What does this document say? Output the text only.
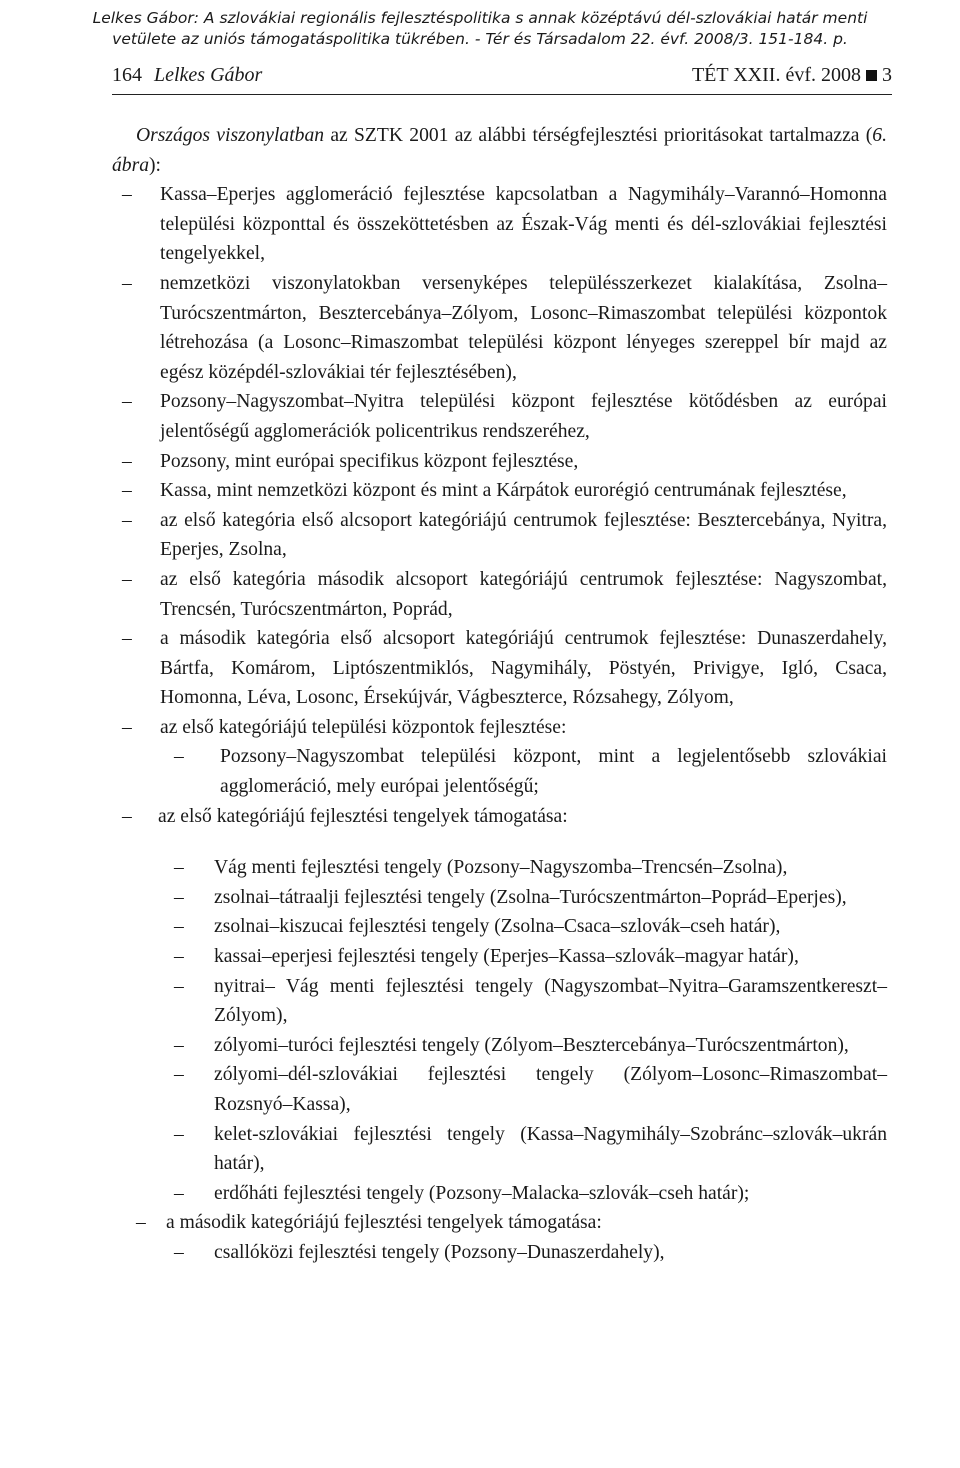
Lelkes Gábor: A szlovákiai regionális fejlesztéspolitika s annak középtávú dél-szlovákiai határ menti
vetülete az uniós támogatáspolitika tükrében. - Tér és Társadalom 22. évf. 2008/3. 151-184. p.
164 Lelkes Gábor	TÉT XXII. évf. 2008 3

Országos viszonylatban az SZTK 2001 az alábbi térségfejlesztési prioritásokat tartalmazza (6. ábra):

– Kassa–Eperjes agglomeráció fejlesztése kapcsolatban a Nagymihály–Varannó–Homonna települési központtal és összeköttetésben az Észak-Vág menti és dél-szlovákiai fejlesztési tengelyekkel,
– nemzetközi viszonylatokban versenyképes településszerkezet kialakítása, Zsolna–Turócszentmárton, Besztercebánya–Zólyom, Losonc–Rimaszombat települési központok létrehozása (a Losonc–Rimaszombat települési központ lényeges szereppel bír majd az egész középdél-szlovákiai tér fejlesztésében),
– Pozsony–Nagyszombat–Nyitra települési központ fejlesztése kötődésben az európai jelentőségű agglomerációk policentrikus rendszeréhez,
– Pozsony, mint európai specifikus központ fejlesztése,
– Kassa, mint nemzetközi központ és mint a Kárpátok eurorégió centrumának fejlesztése,
– az első kategória első alcsoport kategóriájú centrumok fejlesztése: Besztercebánya, Nyitra, Eperjes, Zsolna,
– az első kategória második alcsoport kategóriájú centrumok fejlesztése: Nagyszombat, Trencsén, Turócszentmárton, Poprád,
– a második kategória első alcsoport kategóriájú centrumok fejlesztése: Dunaszerdahely, Bártfa, Komárom, Liptószentmiklós, Nagymihály, Pöstyén, Privigye, Igló, Csaca, Homonna, Léva, Losonc, Érsekújvár, Vágbeszterce, Rózsahegy, Zólyom,
– az első kategóriájú települési központok fejlesztése:
– Pozsony–Nagyszombat települési központ, mint a legjelentősebb szlovákiai agglomeráció, mely európai jelentőségű;
– az első kategóriájú fejlesztési tengelyek támogatása:
– Vág menti fejlesztési tengely (Pozsony–Nagyszomba–Trencsén–Zsolna),
– zsolnai–tátraalji fejlesztési tengely (Zsolna–Turócszentmárton–Poprád–Eperjes),
– zsolnai–kiszucai fejlesztési tengely (Zsolna–Csaca–szlovák–cseh határ),
– kassai–eperjesi fejlesztési tengely (Eperjes–Kassa–szlovák–magyar határ),
– nyitrai– Vág menti fejlesztési tengely (Nagyszombat–Nyitra–Garamszentkereszt–Zólyom),
– zólyomi–turóci fejlesztési tengely (Zólyom–Besztercebánya–Turócszentmárton),
– zólyomi–dél-szlovákiai fejlesztési tengely (Zólyom–Losonc–Rimaszombat–Rozsnyó–Kassa),
– kelet-szlovákiai fejlesztési tengely (Kassa–Nagymihály–Szobránc–szlovák–ukrán határ),
– erdőháti fejlesztési tengely (Pozsony–Malacka–szlovák–cseh határ);
– a második kategóriájú fejlesztési tengelyek támogatása:
– csallóközi fejlesztési tengely (Pozsony–Dunaszerdahely),
